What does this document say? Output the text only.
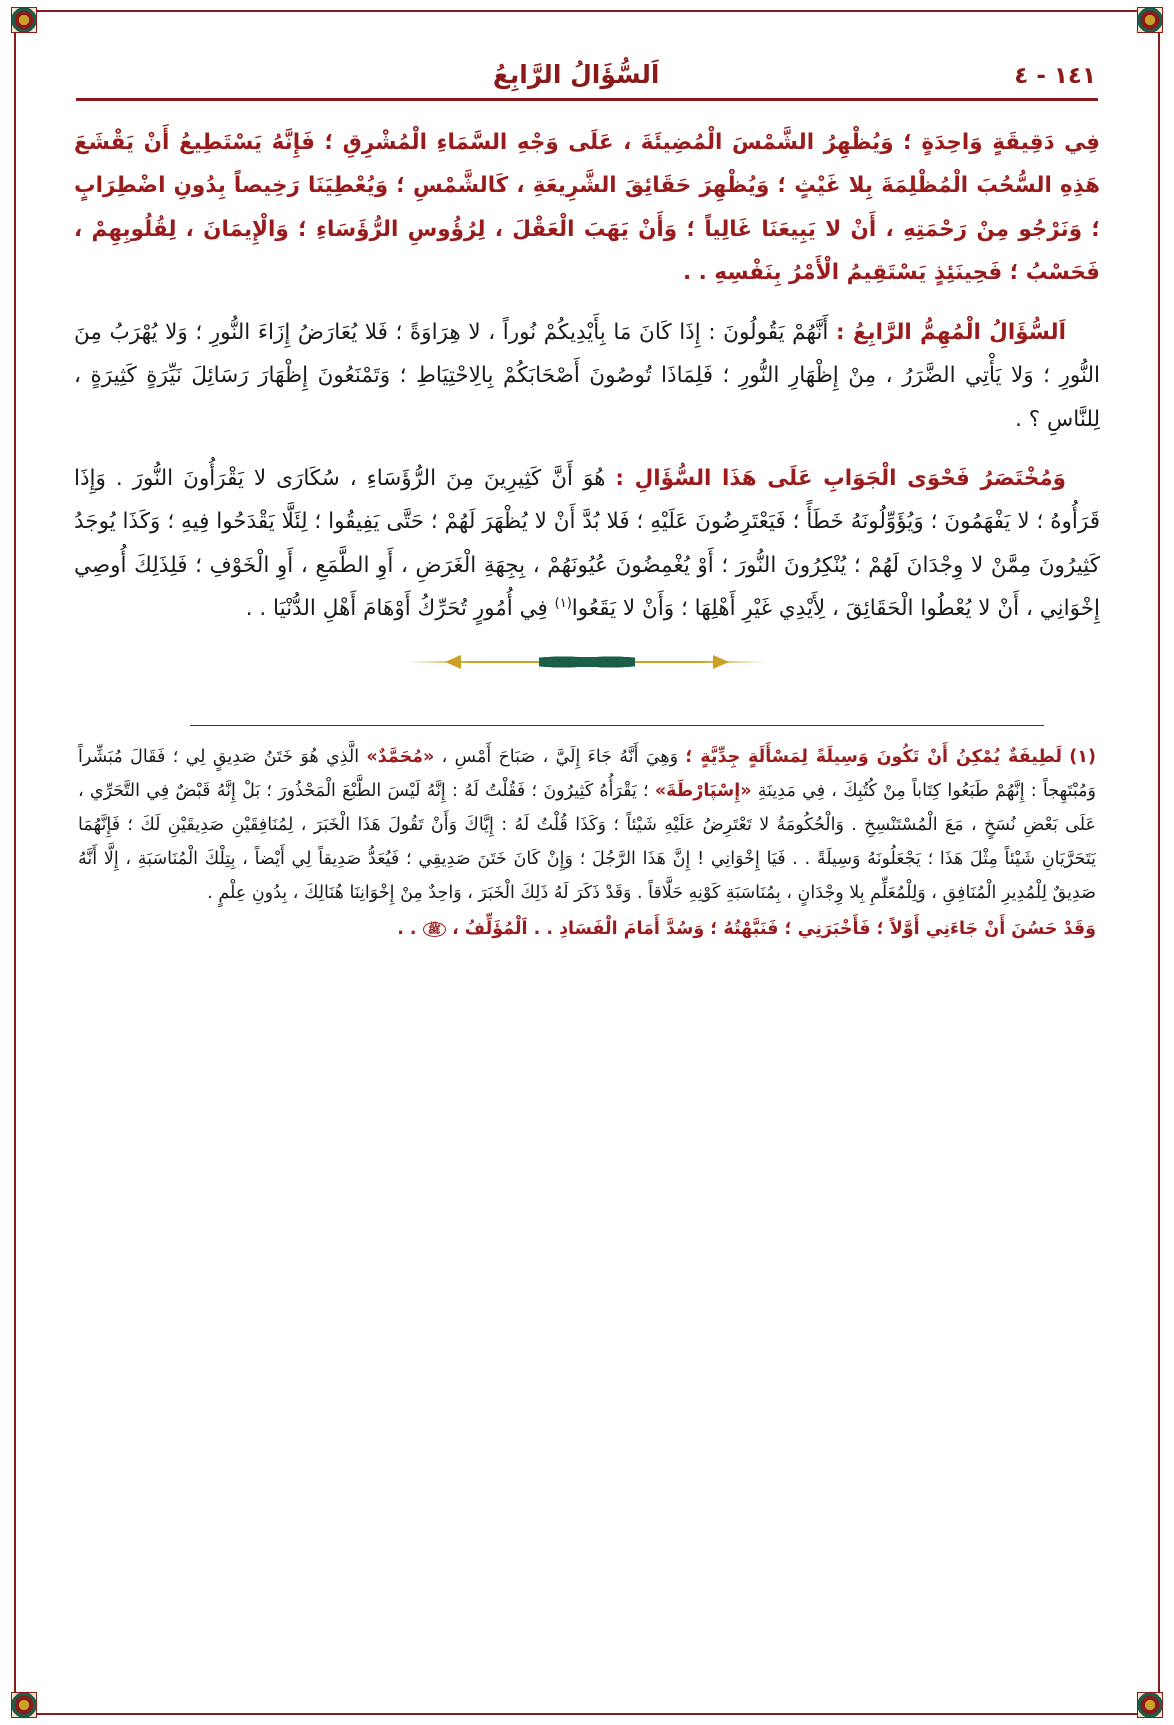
اَلسُّؤَالُ الرَّابِعُ	١٤١ - ٤

فِي دَقِيقَةٍ وَاحِدَةٍ ؛ وَيُظْهِرُ الشَّمْسَ الْمُضِيئَةَ ، عَلَى وَجْهِ السَّمَاءِ الْمُشْرِقِ ؛ فَإِنَّهُ يَسْتَطِيعُ أَنْ يَقْشَعَ هَذِهِ السُّحُبَ الْمُظْلِمَةَ بِلا غَيْثٍ ؛ وَيُظْهِرَ حَقَائِقَ الشَّرِيعَةِ ، كَالشَّمْسِ ؛ وَيُعْطِيَنَا رَخِيصاً بِدُونِ اضْطِرَابٍ ؛ وَنَرْجُو مِنْ رَحْمَتِهِ ، أَنْ لا يَبِيعَنَا غَالِياً ؛ وَأَنْ يَهَبَ الْعَقْلَ ، لِرُؤُوسِ الرُّؤَسَاءِ ؛ وَالْإِيمَانَ ، لِقُلُوبِهِمْ ، فَحَسْبُ ؛ فَحِينَئِذٍ يَسْتَقِيمُ الْأَمْرُ بِنَفْسِهِ . .

اَلسُّؤَالُ الْمُهِمُّ الرَّابِعُ : أَنَّهُمْ يَقُولُونَ : إِذَا كَانَ مَا بِأَيْدِيكُمْ نُوراً ، لا هِرَاوَةً ؛ فَلا يُعَارَضُ إِزَاءَ النُّورِ ؛ وَلا يُهْرَبُ مِنَ النُّورِ ؛ وَلا يَأْتِي الضَّرَرُ ، مِنْ إِظْهَارِ النُّورِ ؛ فَلِمَاذَا تُوصُونَ أَصْحَابَكُمْ بِالِاحْتِيَاطِ ؛ وَتَمْنَعُونَ إِظْهَارَ رَسَائِلَ نَيِّرَةٍ كَثِيرَةٍ ، لِلنَّاسِ ؟ .

وَمُخْتَصَرُ فَحْوَى الْجَوَابِ عَلَى هَذَا السُّؤَالِ : هُوَ أَنَّ كَثِيرِينَ مِنَ الرُّؤَسَاءِ ، سُكَارَى لا يَقْرَأُونَ النُّورَ . وَإِذَا قَرَأُوهُ ؛ لا يَفْهَمُونَ ؛ وَيُؤَوِّلُونَهُ خَطَأً ؛ فَيَعْتَرِضُونَ عَلَيْهِ ؛ فَلا بُدَّ أَنْ لا يُظْهَرَ لَهُمْ ؛ حَتَّى يَفِيقُوا ؛ لِئَلَّا يَقْدَحُوا فِيهِ ؛ وَكَذَا يُوجَدُ كَثِيرُونَ مِمَّنْ لا وِجْدَانَ لَهُمْ ؛ يُنْكِرُونَ النُّورَ ؛ أَوْ يُغْمِضُونَ عُيُونَهُمْ ، بِجِهَةِ الْغَرَضِ ، أَوِ الطَّمَعِ ، أَوِ الْخَوْفِ ؛ فَلِذَلِكَ أُوصِي إِخْوَانِي ، أَنْ لا يُعْطُوا الْحَقَائِقَ ، لِأَيْدِي غَيْرِ أَهْلِهَا ؛ وَأَنْ لا يَقَعُوا$^{(١)}$ فِي أُمُورٍ تُحَرِّكُ أَوْهَامَ أَهْلِ الدُّنْيَا . .

(١) لَطِيفَةٌ يُمْكِنُ أَنْ تَكُونَ وَسِيلَةً لِمَسْأَلَةٍ جِدِّيَّةٍ ؛ وَهِيَ أَنَّهُ جَاءَ إِلَيَّ ، صَبَاحَ أَمْسِ ، «مُحَمَّدٌ» الَّذِي هُوَ خَتَنُ صَدِيقٍ لِي ؛ فَقَالَ مُبَشِّراً وَمُبْتَهِجاً : إِنَّهُمْ طَبَعُوا كِتَاباً مِنْ كُتُبِكَ ، فِي مَدِينَةِ «إِسْپَارْطَةَ» ؛ يَقْرَأُهُ كَثِيرُونَ ؛ فَقُلْتُ لَهُ : إِنَّهُ لَيْسَ الطَّبْعَ الْمَحْذُورَ ؛ بَلْ إِنَّهُ قَبْضٌ فِي التَّحَرِّي ، عَلَى بَعْضِ نُسَخٍ ، مَعَ الْمُسْتَنْسِخِ . وَالْحُكُومَةُ لا تَعْتَرِضُ عَلَيْهِ شَيْئاً ؛ وَكَذَا قُلْتُ لَهُ : إِيَّاكَ وَأَنْ تَقُولَ هَذَا الْخَبَرَ ، لِمُنَافِقَيْنِ صَدِيقَيْنِ لَكَ ؛ فَإِنَّهُمَا يَتَحَرَّيَانِ شَيْئاً مِثْلَ هَذَا ؛ يَجْعَلُونَهُ وَسِيلَةً . . فَيَا إِخْوَانِي ! إِنَّ هَذَا الرَّجُلَ ؛ وَإِنْ كَانَ خَتَنَ صَدِيقِي ؛ فَيُعَدُّ صَدِيقاً لِي أَيْضاً ، بِتِلْكَ الْمُنَاسَبَةِ ، إِلَّا أَنَّهُ صَدِيقٌ لِلْمُدِيرِ الْمُنَافِقِ ، وَلِلْمُعَلِّمِ بِلا وِجْدَانٍ ، بِمُنَاسَبَةِ كَوْنِهِ حَلَّاقاً . وَقَدْ ذَكَرَ لَهُ ذَلِكَ الْخَبَرَ ، وَاحِدٌ مِنْ إِخْوَانِنَا هُنَالِكَ ، بِدُونِ عِلْمٍ .
وَقَدْ حَسُنَ أَنْ جَاءَنِي أَوَّلاً ؛ فَأَخْبَرَنِي ؛ فَنَبَّهْتُهُ ؛ وَسُدَّ أَمَامَ الْفَسَادِ . . اَلْمُؤَلِّفُ ، ﷺ . .
